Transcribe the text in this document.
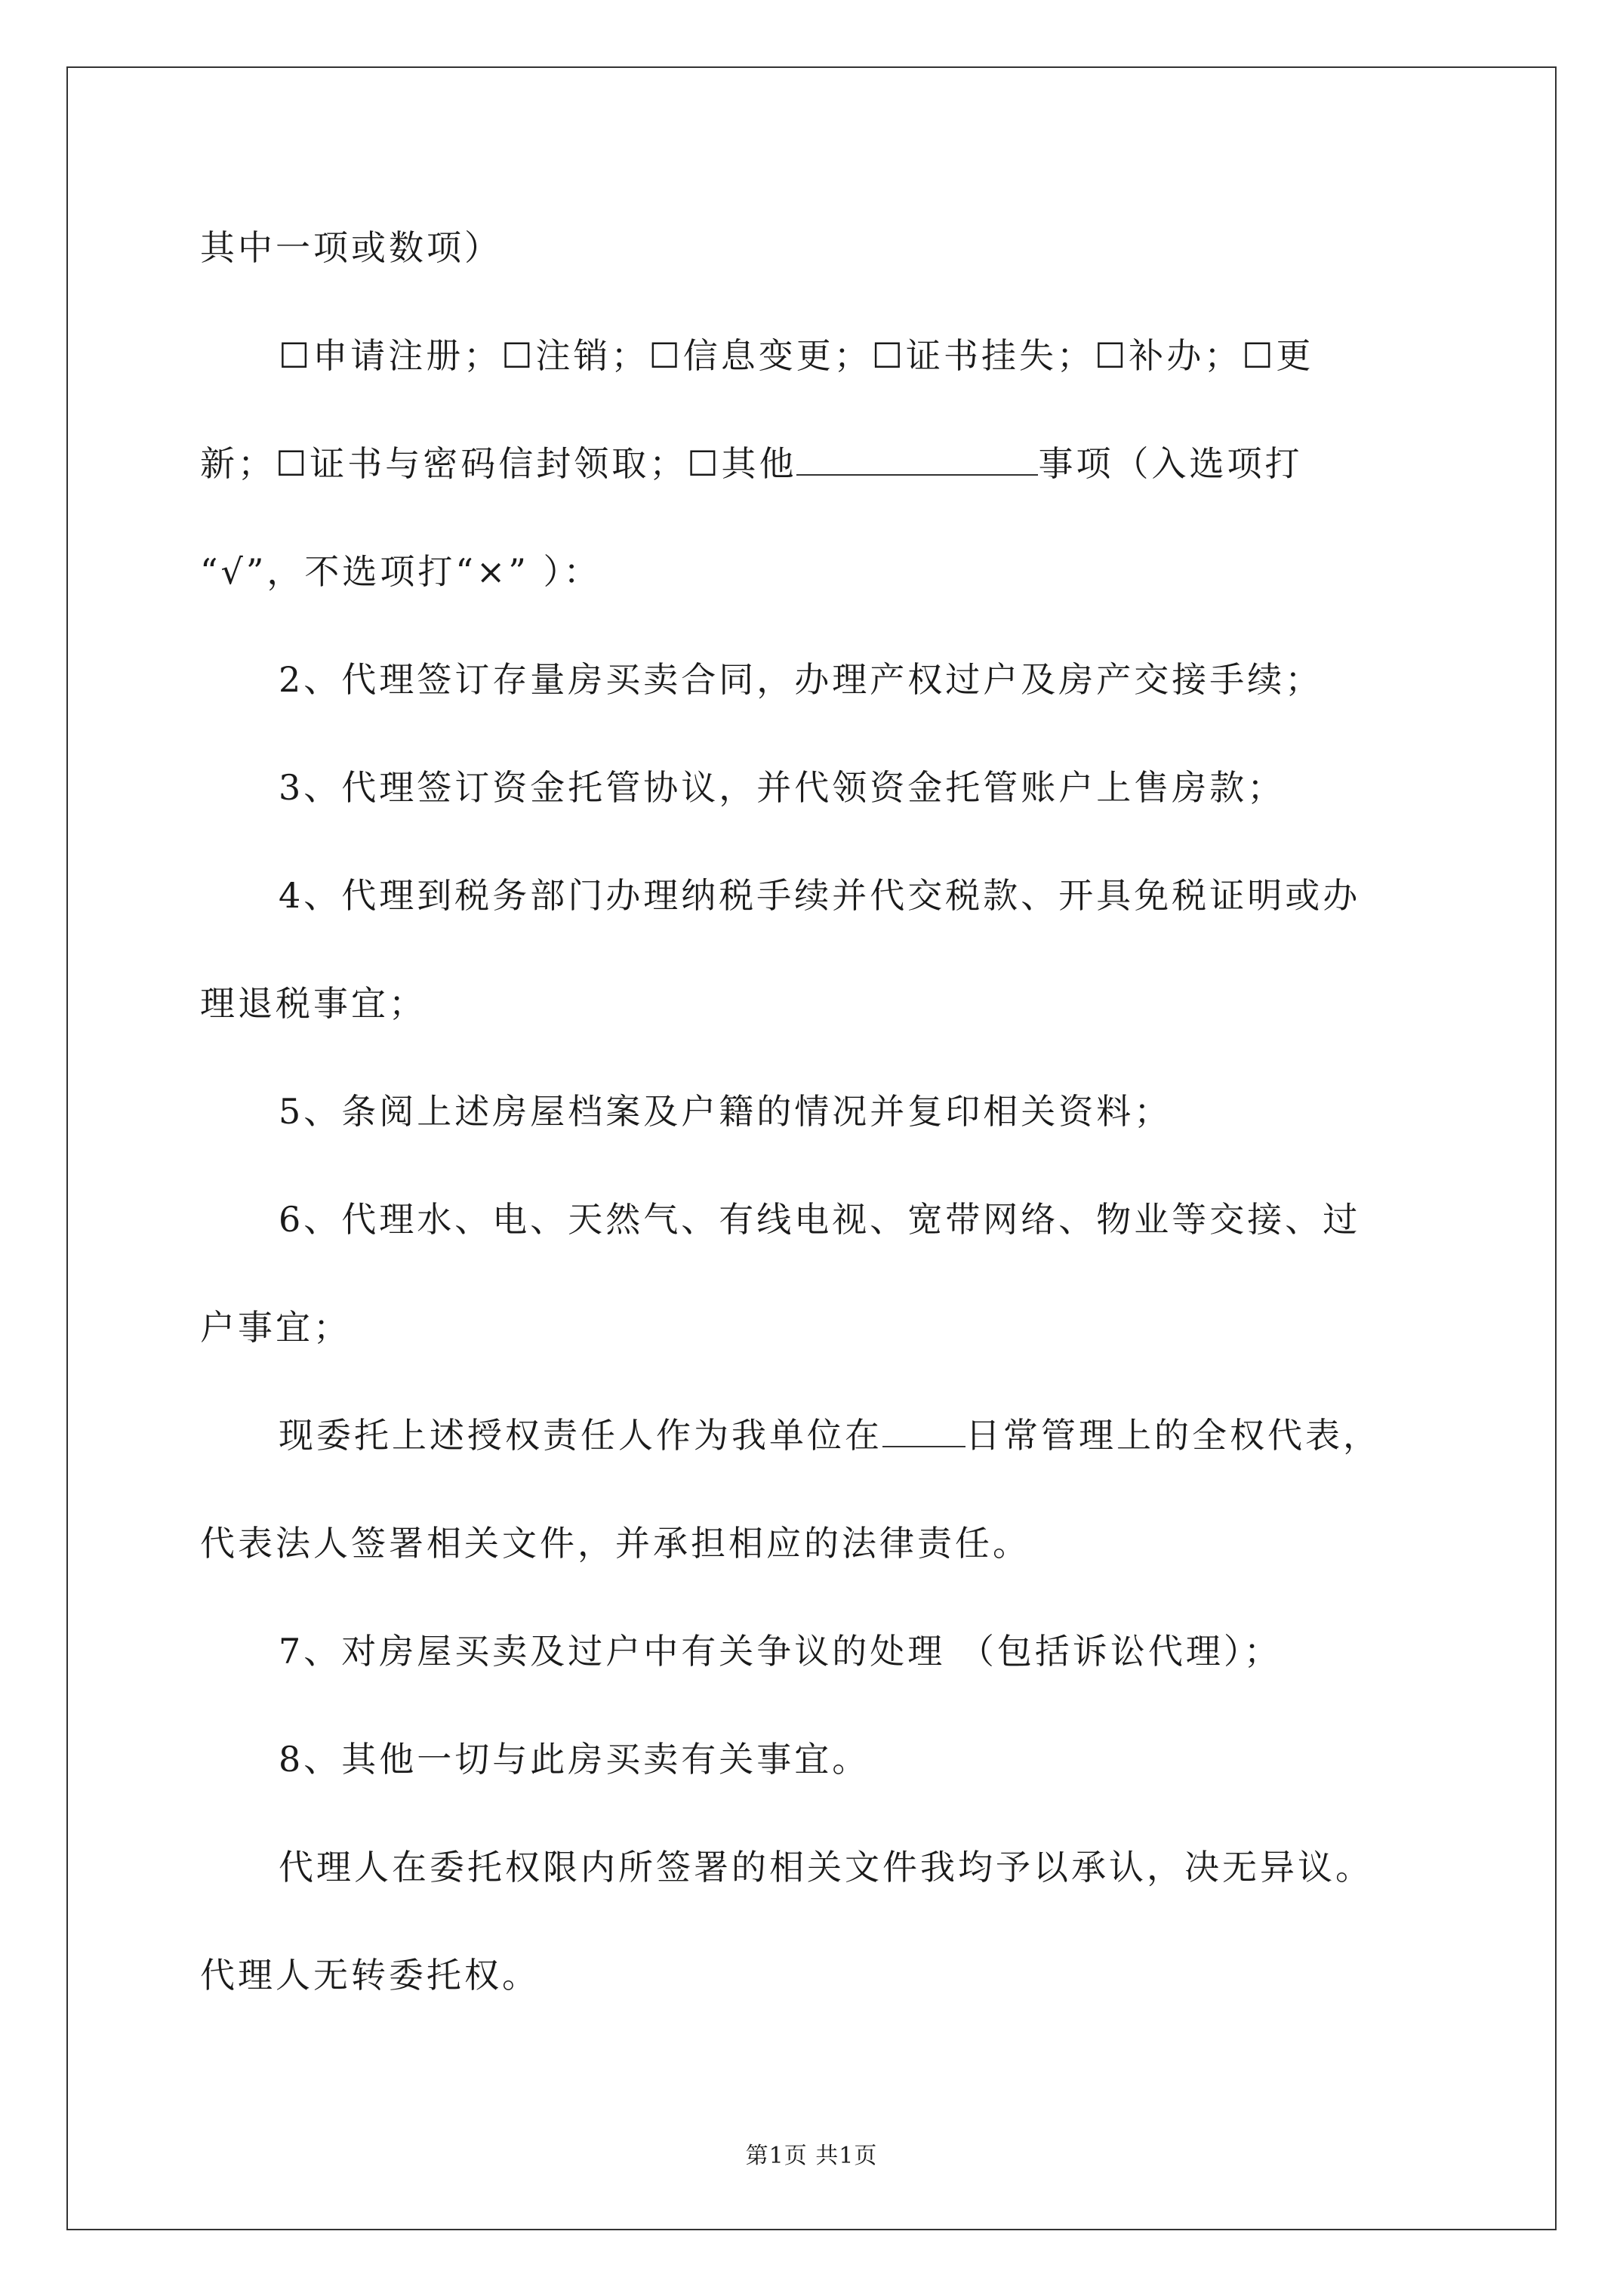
其中一项或数项）
☐申请注册；☐注销；☐信息变更；☐证书挂失；☐补办；☐更
新；☐证书与密码信封领取；☐其他	事项（入选项打
“√”，不选项打“×” ）：
2、代理签订存量房买卖合同，办理产权过户及房产交接手续；
3、代理签订资金托管协议，并代领资金托管账户上售房款；
4、代理到税务部门办理纳税手续并代交税款、开具免税证明或办
理退税事宜；
5、条阅上述房屋档案及户籍的情况并复印相关资料；
6、代理水、电、天然气、有线电视、宽带网络、物业等交接、过
户事宜；
现委托上述授权责任人作为我单位在 日常管理上的全权代表，
代表法人签署相关文件，并承担相应的法律责任。
7、对房屋买卖及过户中有关争议的处理 （包括诉讼代理）；
8、其他一切与此房买卖有关事宜。
代理人在委托权限内所签署的相关文件我均予以承认，决无异议。
代理人无转委托权。
第1页 共1页
